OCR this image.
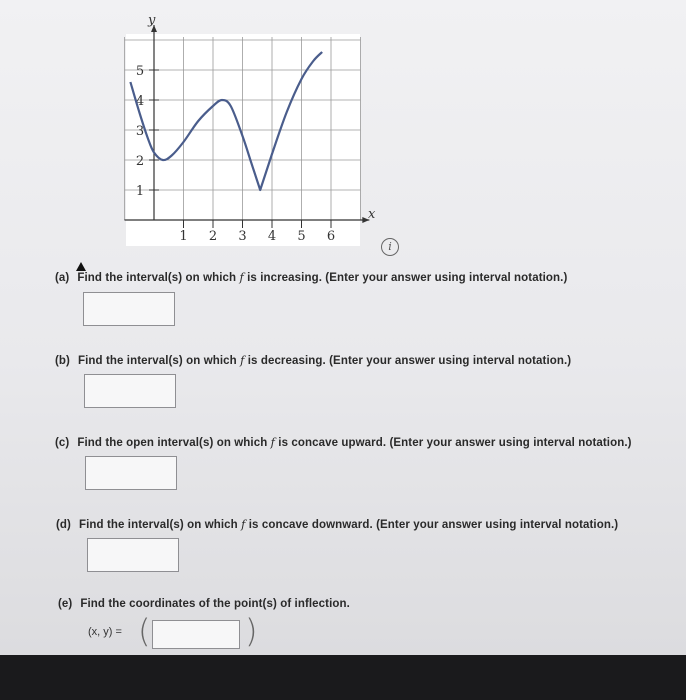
1 2 3 4 5 6
1
2
3
4
5
x
y
i
(a) Find the interval(s) on which f is increasing. (Enter your answer using interval notation.)
(b) Find the interval(s) on which f is decreasing. (Enter your answer using interval notation.)
(c) Find the open interval(s) on which f is concave upward. (Enter your answer using interval notation.)
(d) Find the interval(s) on which f is concave downward. (Enter your answer using interval notation.)
(e) Find the coordinates of the point(s) of inflection.
(x, y) = (	)
